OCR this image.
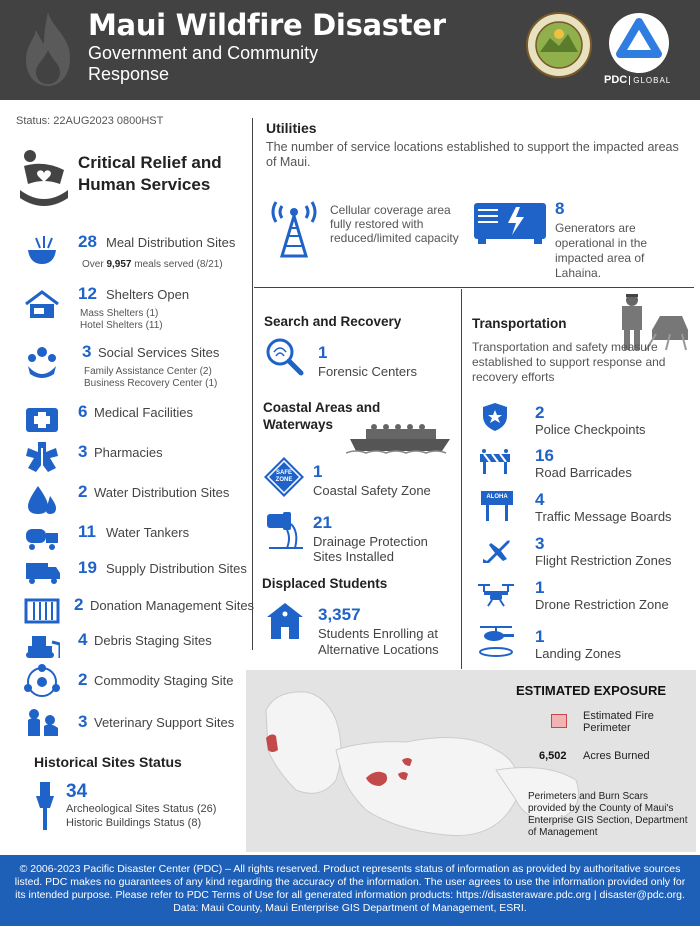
Maui Wildfire Disaster
Government and Community Response	PDC GLOBAL
Status: 22AUG2023 0800HST
Critical Relief and Human Services
28 Meal Distribution Sites
Over 9,957 meals served (8/21)
12 Shelters Open
Mass Shelters (1)
Hotel Shelters (11)
3 Social Services Sites
Family Assistance Center (2)
Business Recovery Center (1)
6 Medical Facilities
3 Pharmacies
2 Water Distribution Sites
11 Water Tankers
19 Supply Distribution Sites
2 Donation Management Sites
4 Debris Staging Sites
2 Commodity Staging Site
3 Veterinary Support Sites
Historical Sites Status
34
Archeological Sites Status (26)
Historic Buildings Status (8)
Utilities
The number of service locations established to support the impacted areas of Maui.
Cellular coverage area fully restored with reduced/limited capacity
8
Generators are operational in the impacted area of Lahaina.
Search and Recovery
1
Forensic Centers
Coastal Areas and Waterways
SAFE ZONE	1
Coastal Safety Zone
21
Drainage Protection Sites Installed
Displaced Students
3,357
Students Enrolling at Alternative Locations
Transportation
Transportation and safety measure established to support response and recovery efforts
ALOHA
2
Police Checkpoints
16
Road Barricades
4
Traffic Message Boards
3
Flight Restriction Zones
1
Drone Restriction Zone
1
Landing Zones
ESTIMATED EXPOSURE
Estimated Fire Perimeter
6,502 Acres Burned
Perimeters and Burn Scars provided by the County of Maui's Enterprise GIS Section, Department of Management
© 2006-2023 Pacific Disaster Center (PDC) – All rights reserved. Product represents status of information as provided by authoritative sources listed. PDC makes no guarantees of any kind regarding the accuracy of the information. The user agrees to use the information provided only for its intended purpose. Please refer to PDC Terms of Use for all generated information products: https://disasteraware.pdc.org | disaster@pdc.org. Data: Maui County, Maui Enterprise GIS Department of Management, ESRI.
